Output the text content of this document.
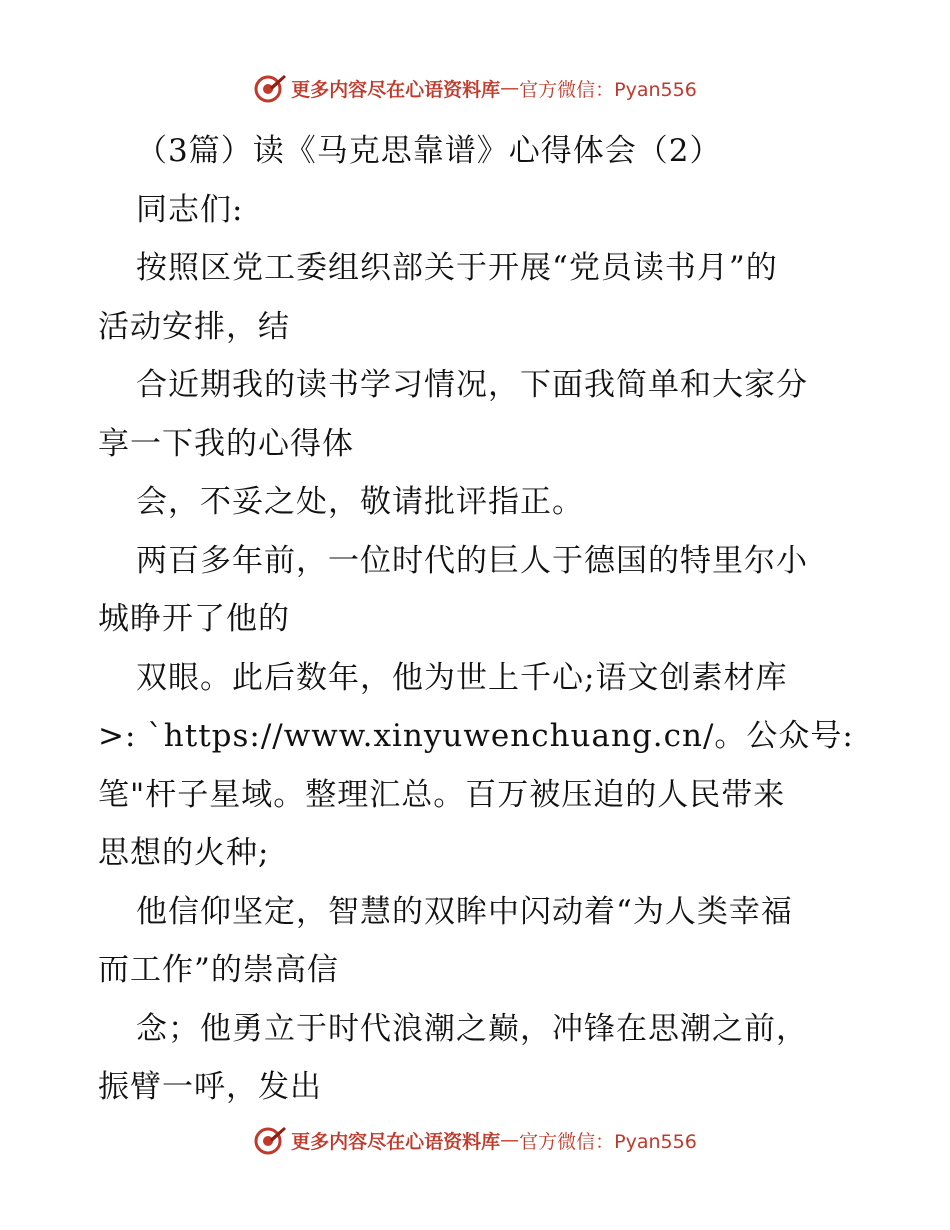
更多内容尽在心语资料库 — 官方微信：Pyan556
（3篇）读《马克思靠谱》心得体会（2）
同志们:
按照区党工委组织部关于开展“党员读书月”的
活动安排，结
合近期我的读书学习情况，下面我简单和大家分
享一下我的心得体
会，不妥之处，敬请批评指正。
两百多年前，一位时代的巨人于德国的特里尔小
城睁开了他的
双眼。此后数年，他为世上千心;语文创素材库
>: `https://www.xinyuwenchuang.cn/。公众号:
笔"杆子星域。整理汇总。百万被压迫的人民带来
思想的火种;
他信仰坚定，智慧的双眸中闪动着“为人类幸福
而工作”的崇高信
念；他勇立于时代浪潮之巅，冲锋在思潮之前，
振臂一呼，发出
更多内容尽在心语资料库 — 官方微信：Pyan556
